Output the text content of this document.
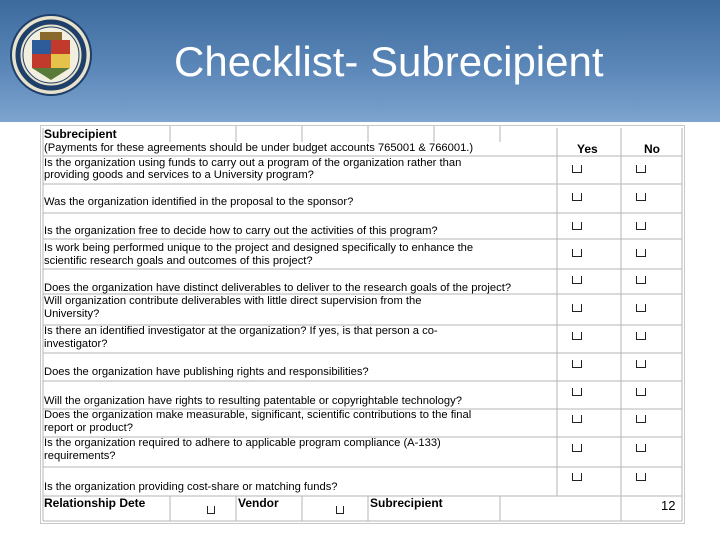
Checklist- Subrecipient
Subrecipient
(Payments for these agreements should be under budget accounts 765001 & 766001.)	Yes	No
Is the organization using funds to carry out a program of the organization rather than
providing goods and services to a University program?
Was the organization identified in the proposal to the sponsor?
Is the organization free to decide how to carry out the activities of this program?
Is work being performed unique to the project and designed specifically to enhance the
scientific research goals and outcomes of this project?
Does the organization have distinct deliverables to deliver to the research goals of the project?
Will organization contribute deliverables with little direct supervision from the
University?
Is there an identified investigator at the organization? If yes, is that person a co-
investigator?
Does the organization have publishing rights and responsibilities?
Will the organization have rights to resulting patentable or copyrightable technology?
Does the organization make measurable, significant, scientific contributions to the final
report or product?
Is the organization required to adhere to applicable program compliance (A-133)
requirements?
Is the organization providing cost-share or matching funds?
Relationship Dete	Vendor	Subrecipient	12
